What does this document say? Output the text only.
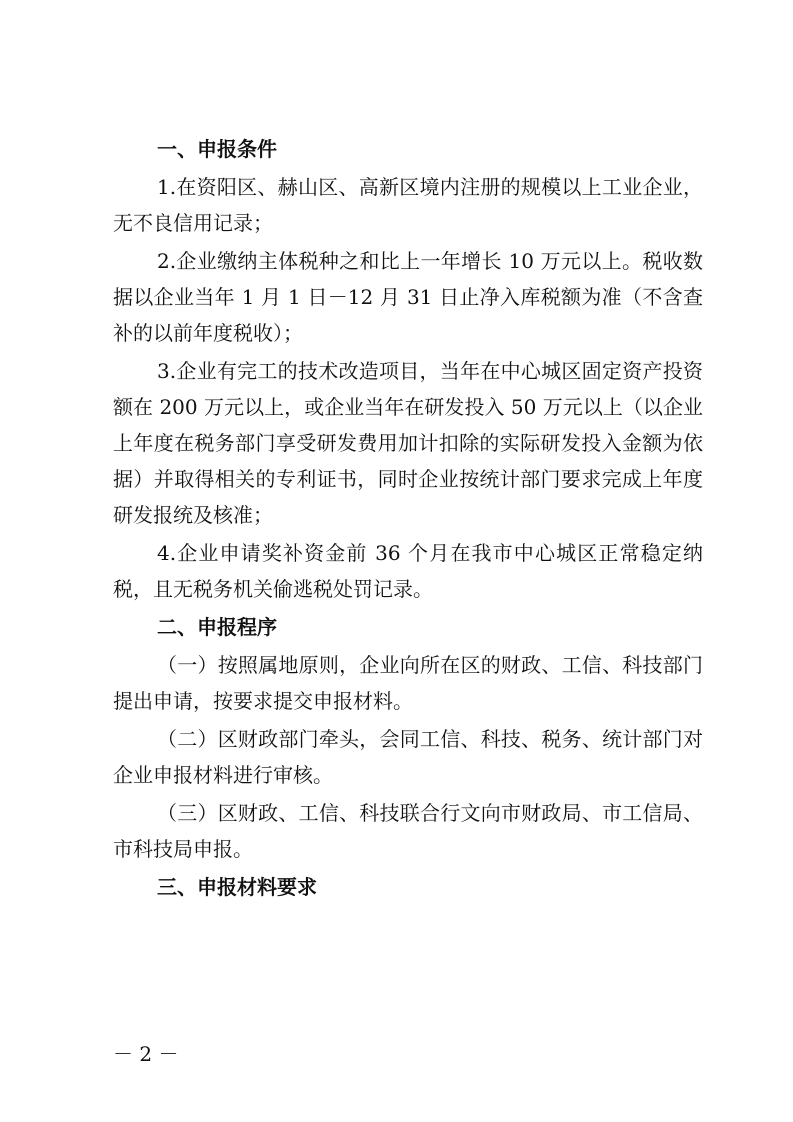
一、申报条件

1.在资阳区、赫山区、高新区境内注册的规模以上工业企业，无不良信用记录；

2.企业缴纳主体税种之和比上一年增长 10 万元以上。税收数据以企业当年 1 月 1 日－12 月 31 日止净入库税额为准（不含查补的以前年度税收）；

3.企业有完工的技术改造项目，当年在中心城区固定资产投资额在 200 万元以上，或企业当年在研发投入 50 万元以上（以企业上年度在税务部门享受研发费用加计扣除的实际研发投入金额为依据）并取得相关的专利证书，同时企业按统计部门要求完成上年度研发报统及核准；

4.企业申请奖补资金前 36 个月在我市中心城区正常稳定纳税，且无税务机关偷逃税处罚记录。

二、申报程序

（一）按照属地原则，企业向所在区的财政、工信、科技部门提出申请，按要求提交申报材料。

（二）区财政部门牵头，会同工信、科技、税务、统计部门对企业申报材料进行审核。

（三）区财政、工信、科技联合行文向市财政局、市工信局、市科技局申报。

三、申报材料要求

－ 2 －
